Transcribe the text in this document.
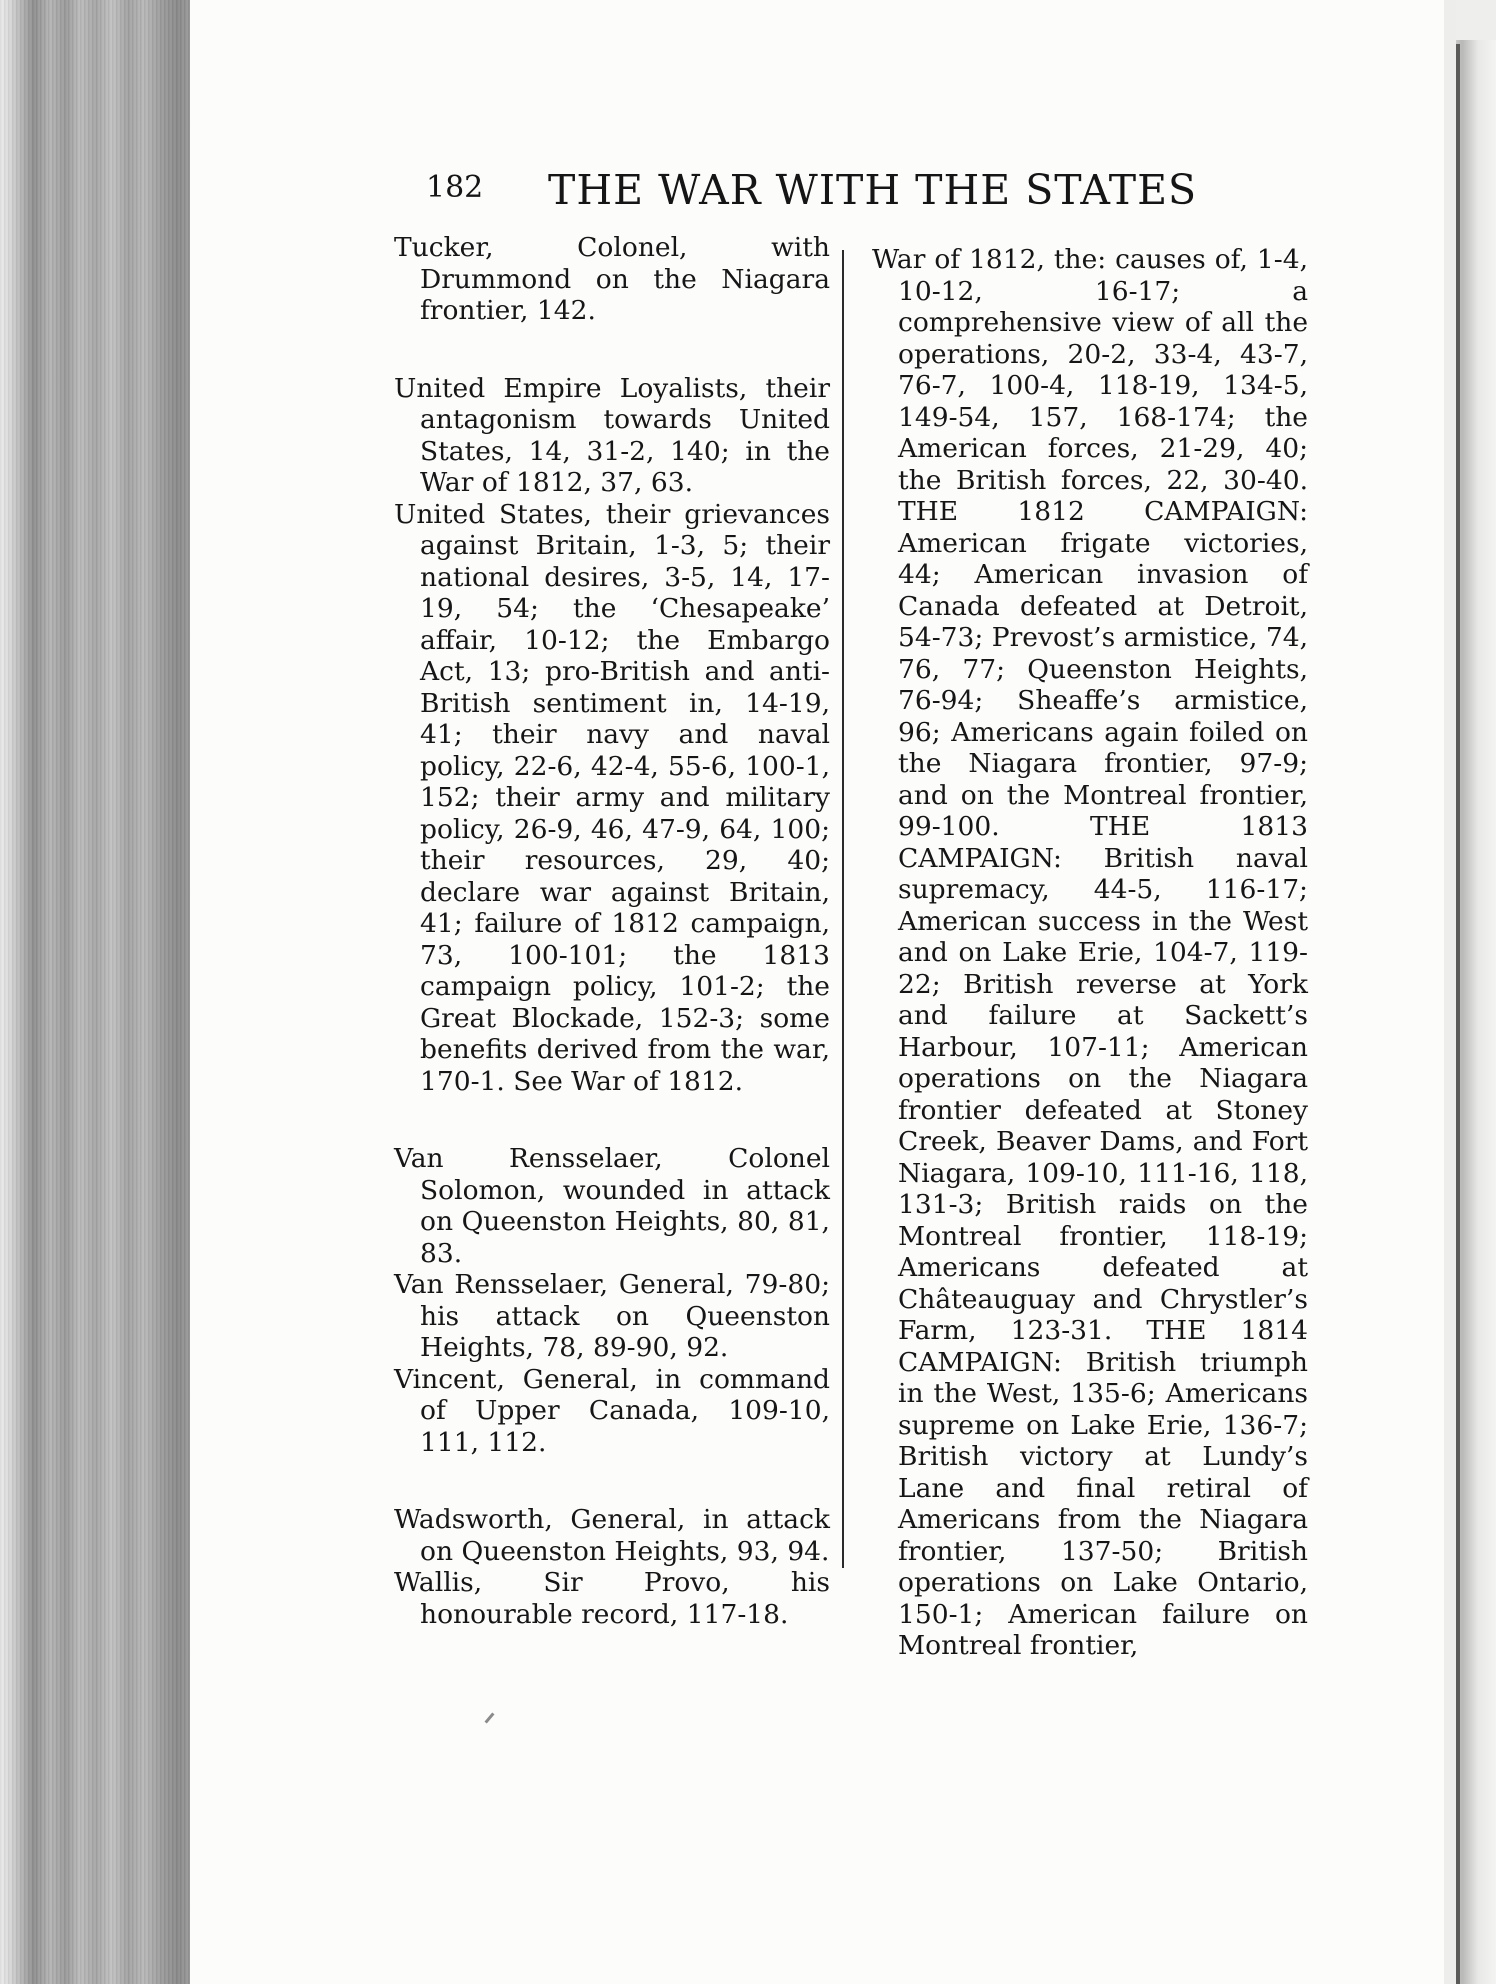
182 THE WAR WITH THE STATES

Tucker, Colonel, with Drummond on the Niagara frontier, 142.

United Empire Loyalists, their antagonism towards United States, 14, 31-2, 140; in the War of 1812, 37, 63.

United States, their grievances against Britain, 1-3, 5; their national desires, 3-5, 14, 17-19, 54; the ‘Chesapeake’ affair, 10-12; the Embargo Act, 13; pro-British and anti-British sentiment in, 14-19, 41; their navy and naval policy, 22-6, 42-4, 55-6, 100-1, 152; their army and military policy, 26-9, 46, 47-9, 64, 100; their resources, 29, 40; declare war against Britain, 41; failure of 1812 campaign, 73, 100-101; the 1813 campaign policy, 101-2; the Great Blockade, 152-3; some benefits derived from the war, 170-1. See War of 1812.

Van Rensselaer, Colonel Solomon, wounded in attack on Queenston Heights, 80, 81, 83.

Van Rensselaer, General, 79-80; his attack on Queenston Heights, 78, 89-90, 92.

Vincent, General, in command of Upper Canada, 109-10, 111, 112.

Wadsworth, General, in attack on Queenston Heights, 93, 94.

Wallis, Sir Provo, his honourable record, 117-18.

War of 1812, the: causes of, 1-4, 10-12, 16-17; a comprehensive view of all the operations, 20-2, 33-4, 43-7, 76-7, 100-4, 118-19, 134-5, 149-54, 157, 168-174; the American forces, 21-29, 40; the British forces, 22, 30-40. THE 1812 CAMPAIGN: American frigate victories, 44; American invasion of Canada defeated at Detroit, 54-73; Prevost’s armistice, 74, 76, 77; Queenston Heights, 76-94; Sheaffe’s armistice, 96; Americans again foiled on the Niagara frontier, 97-9; and on the Montreal frontier, 99-100. THE 1813 CAMPAIGN: British naval supremacy, 44-5, 116-17; American success in the West and on Lake Erie, 104-7, 119-22; British reverse at York and failure at Sackett’s Harbour, 107-11; American operations on the Niagara frontier defeated at Stoney Creek, Beaver Dams, and Fort Niagara, 109-10, 111-16, 118, 131-3; British raids on the Montreal frontier, 118-19; Americans defeated at Châteauguay and Chrystler’s Farm, 123-31. THE 1814 CAMPAIGN: British triumph in the West, 135-6; Americans supreme on Lake Erie, 136-7; British victory at Lundy’s Lane and final retiral of Americans from the Niagara frontier, 137-50; British operations on Lake Ontario, 150-1; American failure on Montreal frontier,
